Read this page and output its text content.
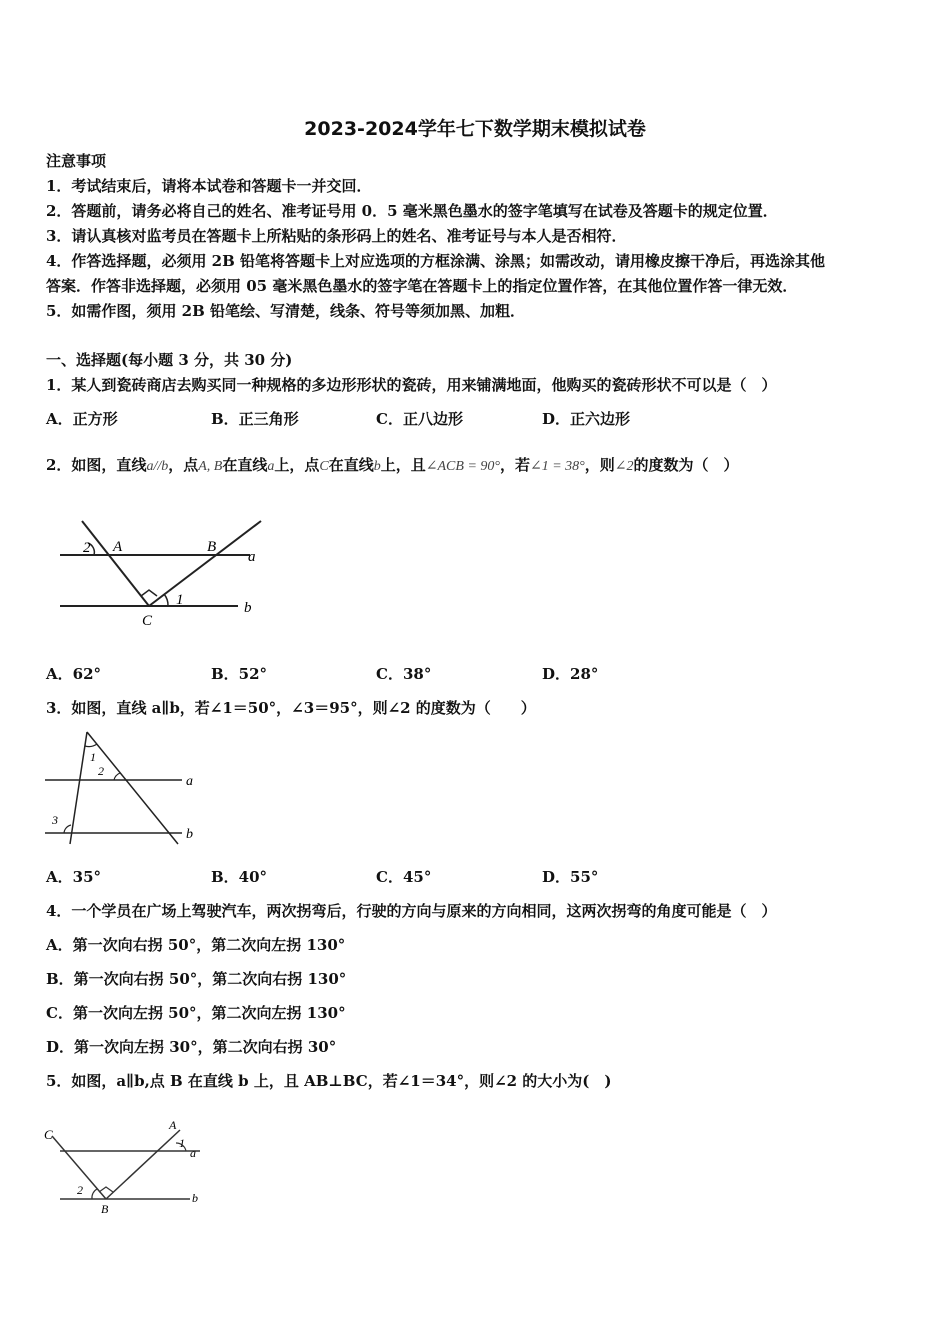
2023-2024学年七下数学期末模拟试卷
注意事项
1．考试结束后，请将本试卷和答题卡一并交回．
2．答题前，请务必将自己的姓名、准考证号用 0．5 毫米黑色墨水的签字笔填写在试卷及答题卡的规定位置．
3．请认真核对监考员在答题卡上所粘贴的条形码上的姓名、准考证号与本人是否相符．
4．作答选择题，必须用 2B 铅笔将答题卡上对应选项的方框涂满、涂黑；如需改动，请用橡皮擦干净后，再选涂其他
答案．作答非选择题，必须用 05 毫米黑色墨水的签字笔在答题卡上的指定位置作答，在其他位置作答一律无效．
5．如需作图，须用 2B 铅笔绘、写清楚，线条、符号等须加黑、加粗．
一、选择题(每小题 3 分，共 30 分)
1．某人到瓷砖商店去购买同一种规格的多边形形状的瓷砖，用来铺满地面，他购买的瓷砖形状不可以是（　）
A．正方形	B．正三角形	C．正八边形	D．正六边形
2．如图，直线a//b，点A, B在直线a上，点C在直线b上，且∠ACB = 90°，若∠1 = 38°，则∠2的度数为（　）
2 A	B
a
1	b
C
A．62°	B．52°	C．38°	D．28°
3．如图，直线 a∥b，若∠1＝50°，∠3＝95°，则∠2 的度数为（　　）
1
2
a
3
b
A．35°	B．40°	C．45°	D．55°
4．一个学员在广场上驾驶汽车，两次拐弯后，行驶的方向与原来的方向相同，这两次拐弯的角度可能是（　）
A．第一次向右拐 50°，第二次向左拐 130°
B．第一次向右拐 50°，第二次向右拐 130°
C．第一次向左拐 50°，第二次向左拐 130°
D．第一次向左拐 30°，第二次向右拐 30°
5．如图，a∥b,点 B 在直线 b 上，且 AB⊥BC，若∠1＝34°，则∠2 的大小为(　)
C
A
1
a
2
B
b
